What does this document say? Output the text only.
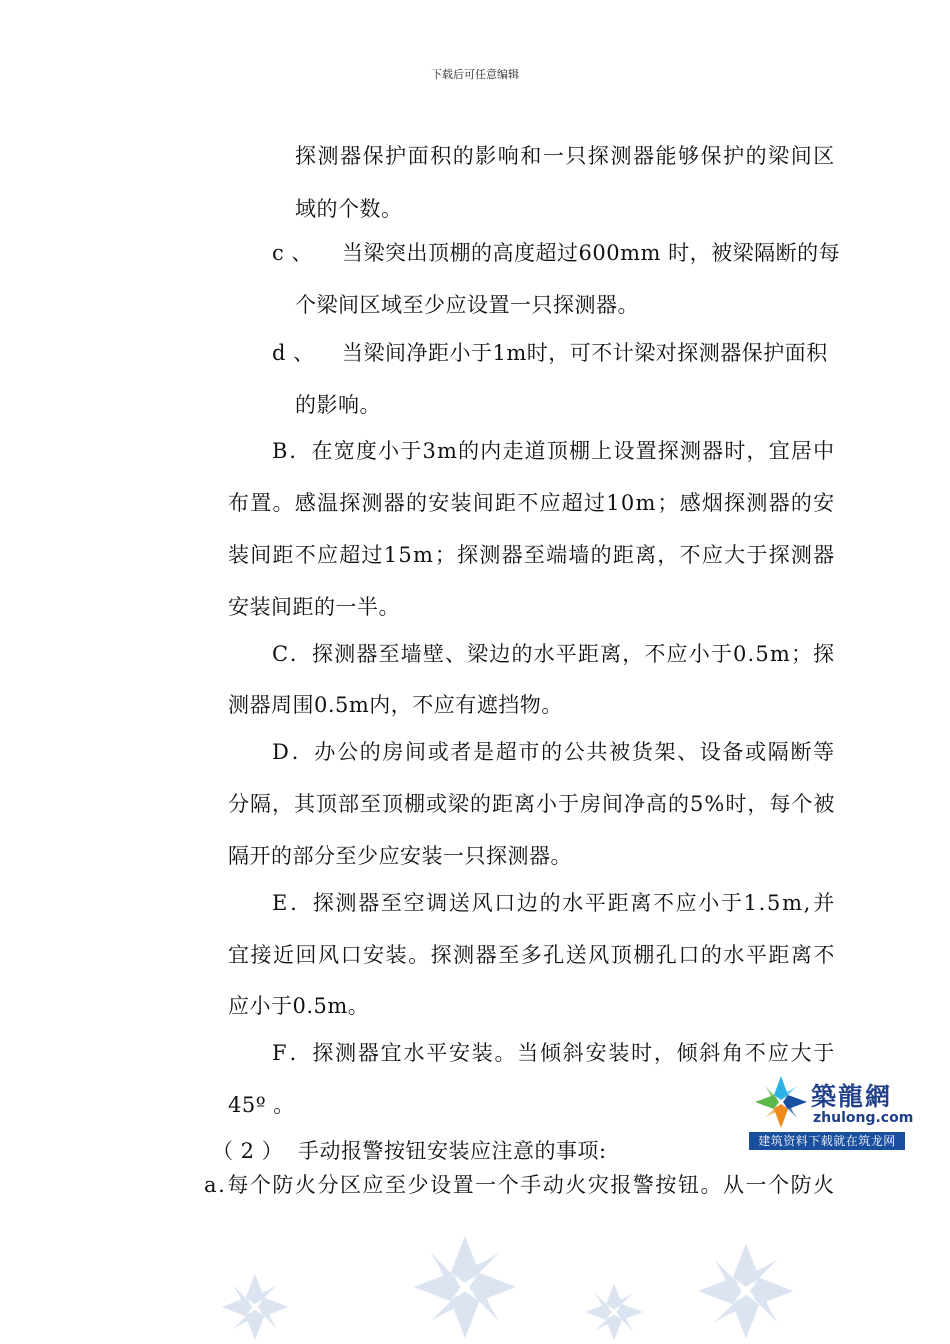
下载后可任意编辑
探 测 器 保 护 面 积 的 影 响 和 一 只 探 测 器 能 够 保 护 的 梁 间 区
域的个数。
c 、 当梁突出顶棚的高度超过600mm 时，被梁隔断的每
个梁间区域至少应设置一只探测器。
d 、 当梁间净距小于1m时，可不计梁对探测器保护面积
的影响。
B ． 在 宽 度 小 于 3 m 的 内 走 道 顶 棚 上 设 置 探 测 器 时 ， 宜 居 中
布 置 。 感 温 探 测 器 的 安 装 间 距 不 应 超 过 1 0 m ； 感 烟 探 测 器 的 安
装 间 距 不 应 超 过 1 5 m ； 探 测 器 至 端 墙 的 距 离 ， 不 应 大 于 探 测 器
安装间距的一半。
C ． 探 测 器 至 墙 壁 、 梁 边 的 水 平 距 离 ， 不 应 小 于 0 . 5 m ； 探
测器周围0.5m内，不应有遮挡物。
D ． 办 公 的 房 间 或 者 是 超 市 的 公 共 被 货 架 、 设 备 或 隔 断 等
分 隔 ， 其 顶 部 至 顶 棚 或 梁 的 距 离 小 于 房 间 净 高 的 5 % 时 ， 每 个 被
隔开的部分至少应安装一只探测器。
E ． 探 测 器 至 空 调 送 风 口 边 的 水 平 距 离 不 应 小 于 1 . 5 m , 并
宜 接 近 回 风 口 安 装 。 探 测 器 至 多 孔 送 风 顶 棚 孔 口 的 水 平 距 离 不
应小于0.5m。
F ． 探 测 器 宜 水 平 安 装 。 当 倾 斜 安 装 时 ， 倾 斜 角 不 应 大 于
45º 。
（ 2 ） 手动报警按钮安装应注意的事项:
a . 每 个 防 火 分 区 应 至 少 设 置 一 个 手 动 火 灾 报 警 按 钮 。 从 一 个 防 火
築龍網
zhulong.com
建筑资料下载就在筑龙网
